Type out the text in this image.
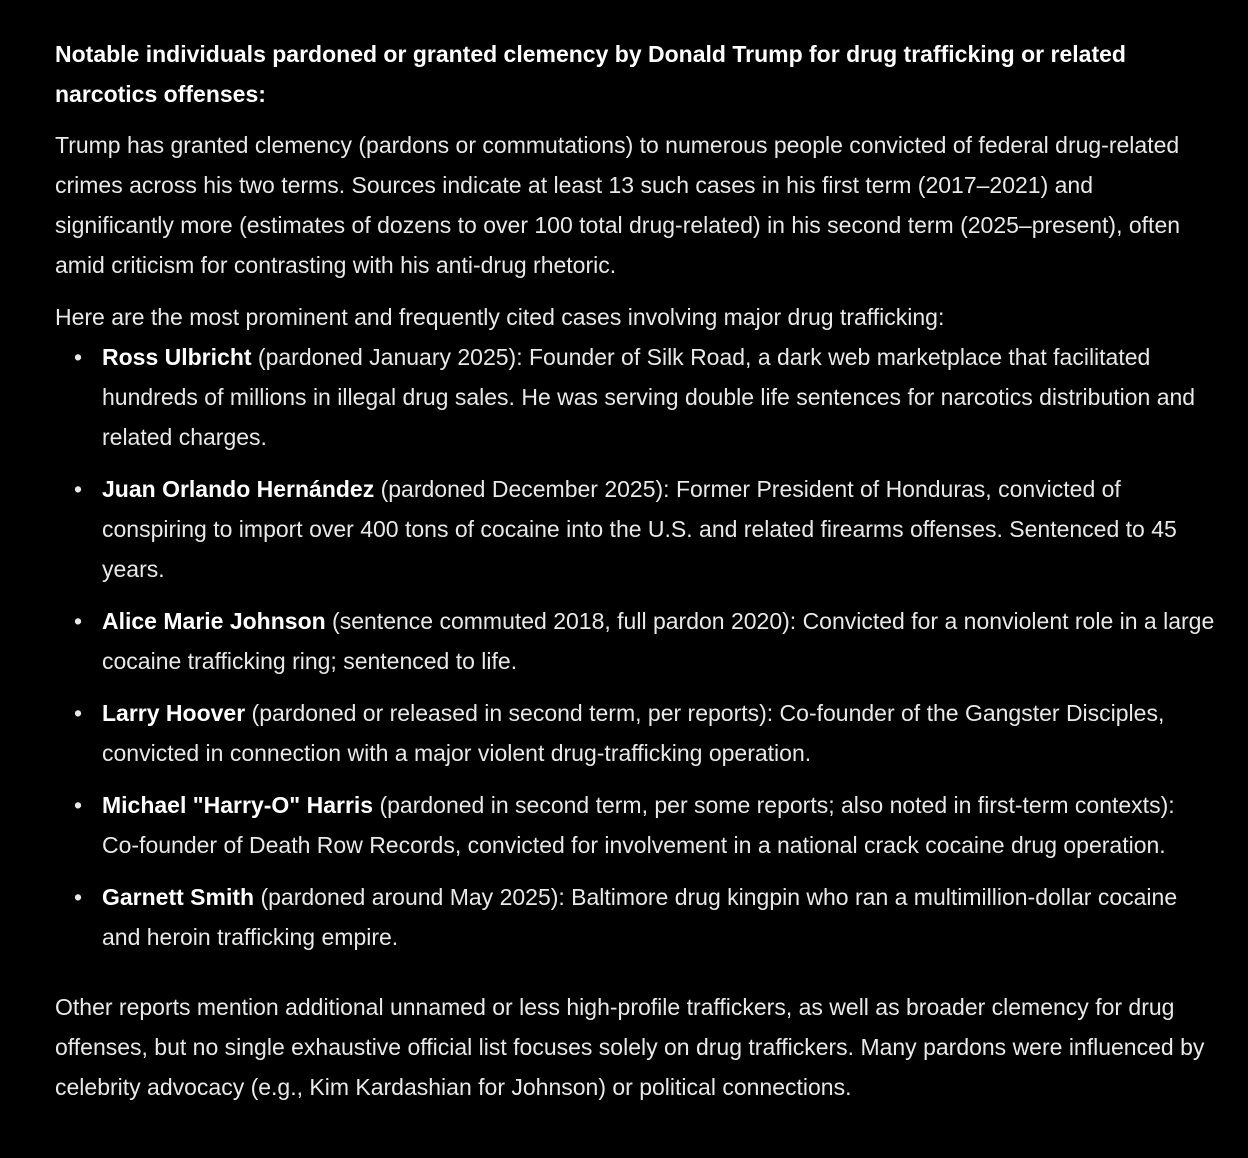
Notable individuals pardoned or granted clemency by Donald Trump for drug trafficking or related narcotics offenses:

Trump has granted clemency (pardons or commutations) to numerous people convicted of federal drug-related crimes across his two terms. Sources indicate at least 13 such cases in his first term (2017–2021) and significantly more (estimates of dozens to over 100 total drug-related) in his second term (2025–present), often amid criticism for contrasting with his anti-drug rhetoric.

Here are the most prominent and frequently cited cases involving major drug trafficking:

• Ross Ulbricht (pardoned January 2025): Founder of Silk Road, a dark web marketplace that facilitated hundreds of millions in illegal drug sales. He was serving double life sentences for narcotics distribution and related charges.
• Juan Orlando Hernández (pardoned December 2025): Former President of Honduras, convicted of conspiring to import over 400 tons of cocaine into the U.S. and related firearms offenses. Sentenced to 45 years.
• Alice Marie Johnson (sentence commuted 2018, full pardon 2020): Convicted for a nonviolent role in a large cocaine trafficking ring; sentenced to life.
• Larry Hoover (pardoned or released in second term, per reports): Co-founder of the Gangster Disciples, convicted in connection with a major violent drug-trafficking operation.
• Michael "Harry-O" Harris (pardoned in second term, per some reports; also noted in first-term contexts): Co-founder of Death Row Records, convicted for involvement in a national crack cocaine drug operation.
• Garnett Smith (pardoned around May 2025): Baltimore drug kingpin who ran a multimillion-dollar cocaine and heroin trafficking empire.

Other reports mention additional unnamed or less high-profile traffickers, as well as broader clemency for drug offenses, but no single exhaustive official list focuses solely on drug traffickers. Many pardons were influenced by celebrity advocacy (e.g., Kim Kardashian for Johnson) or political connections.
